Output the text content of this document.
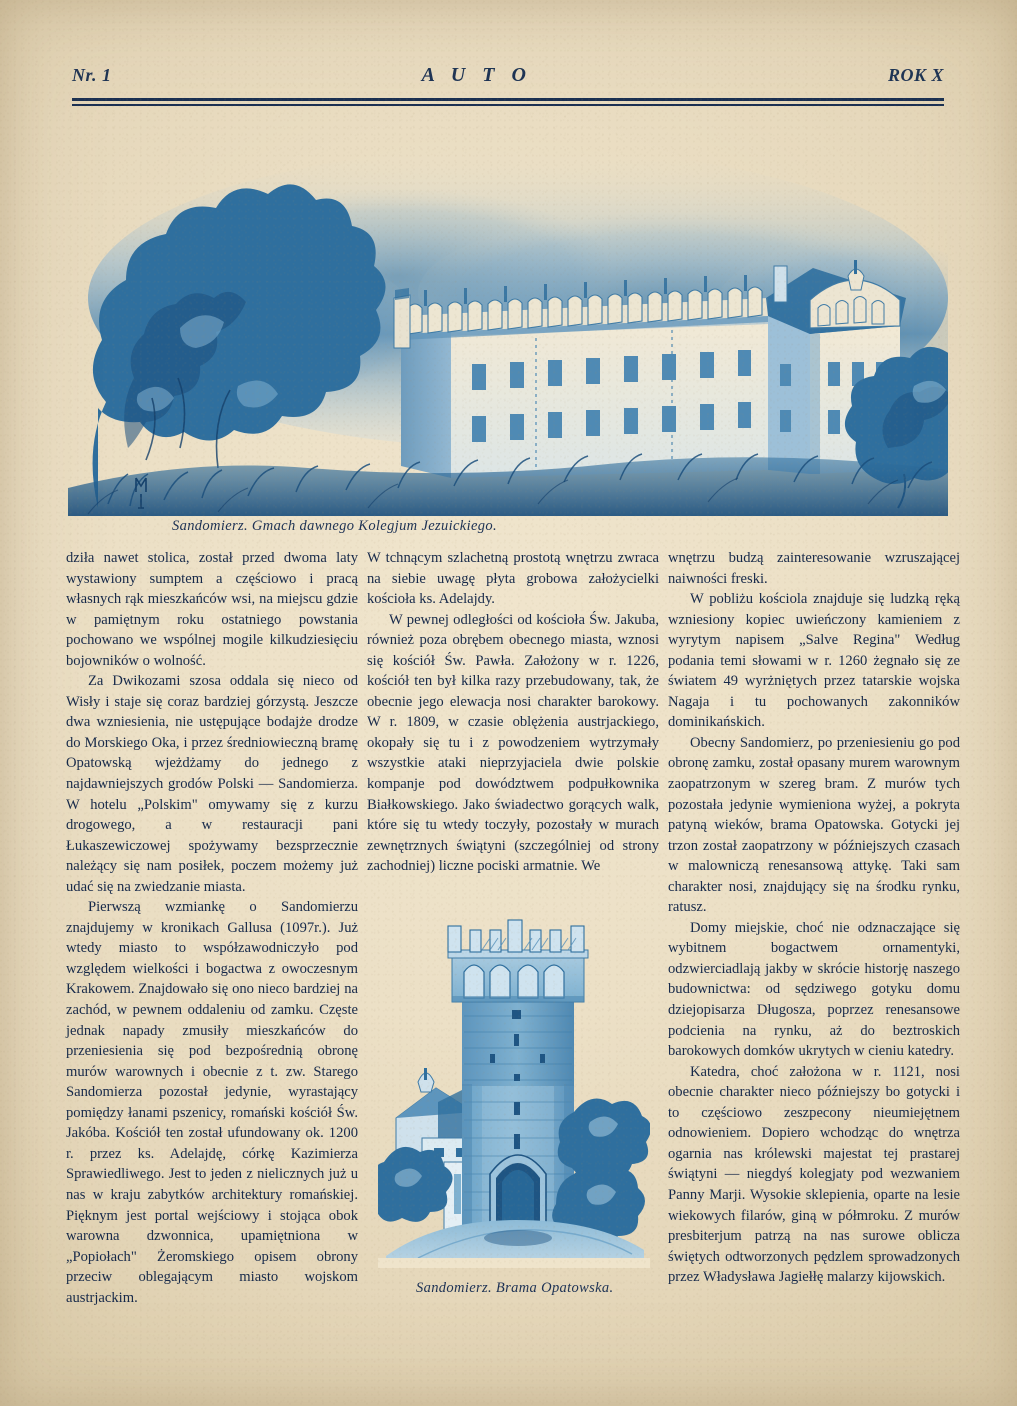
Nr. 1	A U T O	ROK X
Sandomierz. Gmach dawnego Kolegjum Jezuickiego.
Sandomierz. Brama Opatowska.

dziła nawet stolica, został przed dwoma laty wystawiony sumptem a częściowo i pracą własnych rąk mieszkańców wsi, na miejscu gdzie w pamiętnym roku ostatniego powstania pochowano we wspólnej mogile kilkudziesięciu bojowników o wolność.

Za Dwikozami szosa oddala się nieco od Wisły i staje się coraz bardziej górzystą. Jeszcze dwa wzniesienia, nie ustępujące bodajże drodze do Morskiego Oka, i przez średniowieczną bramę Opatowską wjeżdżamy do jednego z najdawniejszych grodów Polski — Sandomierza. W hotelu „Polskim" omywamy się z kurzu drogowego, a w restauracji pani Łukaszewiczowej spożywamy bezsprzecznie należący się nam posiłek, poczem możemy już udać się na zwiedzanie miasta.

Pierwszą wzmiankę o Sandomierzu znajdujemy w kronikach Gallusa (1097r.). Już wtedy miasto to współzawodniczyło pod względem wielkości i bogactwa z owoczesnym Krakowem. Znajdowało się ono nieco bardziej na zachód, w pewnem oddaleniu od zamku. Częste jednak napady zmusiły mieszkańców do przeniesienia się pod bezpośrednią obronę murów warownych i obecnie z t. zw. Starego Sandomierza pozostał jedynie, wyrastający pomiędzy łanami pszenicy, romański kościół Św. Jakóba. Kościół ten został ufundowany ok. 1200 r. przez ks. Adelajdę, córkę Kazimierza Sprawiedliwego. Jest to jeden z nielicznych już u nas w kraju zabytków architektury romańskiej. Pięknym jest portal wejściowy i stojąca obok warowna dzwonnica, upamiętniona w „Popiołach" Żeromskiego opisem obrony przeciw oblegającym miasto wojskom austrjackim.

W tchnącym szlachetną prostotą wnętrzu zwraca na siebie uwagę płyta grobowa założycielki kościoła ks. Adelajdy.

W pewnej odległości od kościoła Św. Jakuba, również poza obrębem obecnego miasta, wznosi się kościół Św. Pawła. Założony w r. 1226, kościół ten był kilka razy przebudowany, tak, że obecnie jego elewacja nosi charakter barokowy. W r. 1809, w czasie oblężenia austrjackiego, okopały się tu i z powodzeniem wytrzymały wszystkie ataki nieprzyjaciela dwie polskie kompanje pod dowództwem podpułkownika Białkowskiego. Jako świadectwo gorących walk, które się tu wtedy toczyły, pozostały w murach zewnętrznych świątyni (szczególniej od strony zachodniej) liczne pociski armatnie. We

wnętrzu budzą zainteresowanie wzruszającej naiwności freski.

W pobliżu kościola znajduje się ludzką ręką wzniesiony kopiec uwieńczony kamieniem z wyrytym napisem „Salve Regina" Według podania temi słowami w r. 1260 żegnało się ze światem 49 wyrżniętych przez tatarskie wojska Nagaja i tu pochowanych zakonników dominikańskich.

Obecny Sandomierz, po przeniesieniu go pod obronę zamku, został opasany murem warownym zaopatrzonym w szereg bram. Z murów tych pozostała jedynie wymieniona wyżej, a pokryta patyną wieków, brama Opatowska. Gotycki jej trzon został zaopatrzony w późniejszych czasach w malowniczą renesansową attykę. Taki sam charakter nosi, znajdujący się na środku rynku, ratusz.

Domy miejskie, choć nie odznaczające się wybitnem bogactwem ornamentyki, odzwierciadlają jakby w skrócie historję naszego budownictwa: od sędziwego gotyku domu dziejopisarza Długosza, poprzez renesansowe podcienia na rynku, aż do beztroskich barokowych domków ukrytych w cieniu katedry.

Katedra, choć założona w r. 1121, nosi obecnie charakter nieco późniejszy bo gotycki i to częściowo zeszpecony nieumiejętnem odnowieniem. Dopiero wchodząc do wnętrza ogarnia nas królewski majestat tej prastarej świątyni — niegdyś kolegjaty pod wezwaniem Panny Marji. Wysokie sklepienia, oparte na lesie wiekowych filarów, giną w półmroku. Z murów presbiterjum patrzą na nas surowe oblicza świętych odtworzonych pędzlem sprowadzonych przez Władysława Jagiełłę malarzy kijowskich.
